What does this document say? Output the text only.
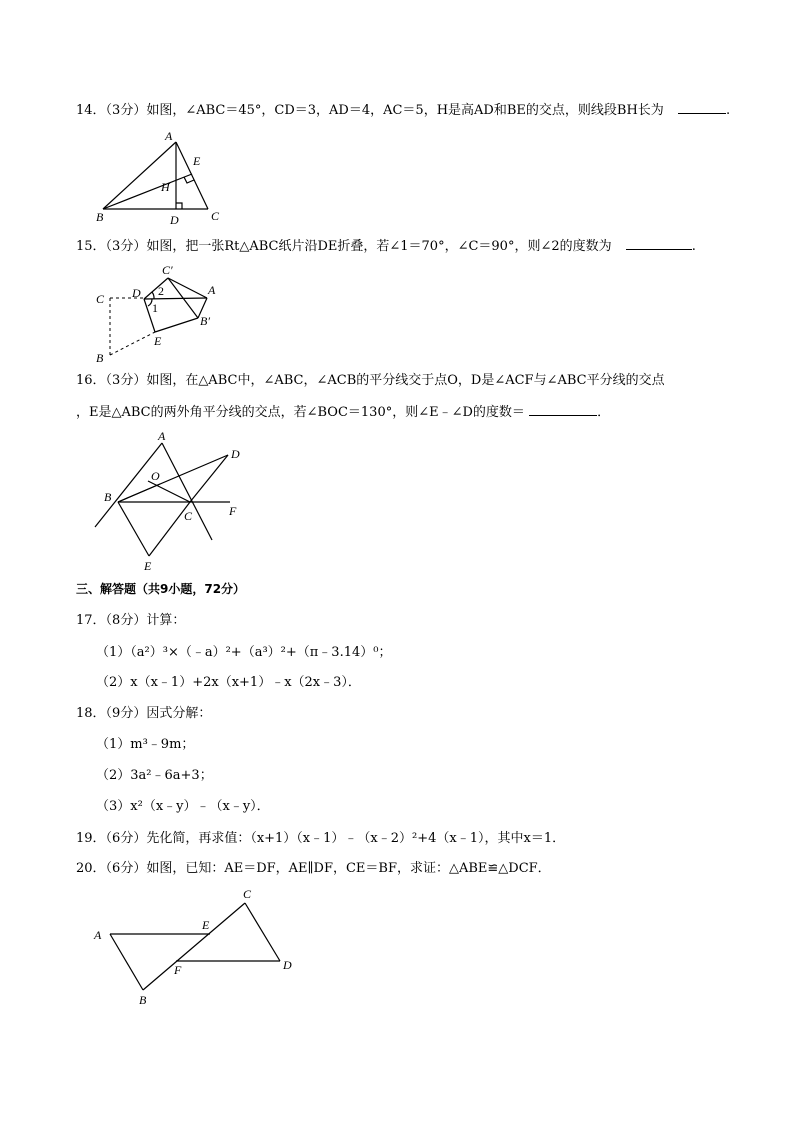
14．（3分）如图，∠ABC＝45°，CD＝3，AD＝4，AC＝5，H是高AD和BE的交点，则线段BH长为	.
A
E
H
B	D	C
15．（3分）如图，把一张Rt△ABC纸片沿DE折叠，若∠1＝70°，∠C＝90°，则∠2的度数为	.
C′
C D 2	A
1
B′
E
B
16．（3分）如图，在△ABC中，∠ABC，∠ACB的平分线交于点O，D是∠ACF与∠ABC平分线的交点
，E是△ABC的两外角平分线的交点，若∠BOC＝130°，则∠E﹣∠D的度数＝	．
A
D
O
B
C	F
E
三、解答题（共9小题，72分）
17．（8分）计算：
（1）（a²）³×（﹣a）²+（a³）²+（π﹣3.14）⁰；
（2）x（x﹣1）+2x（x+1）﹣x（2x﹣3）．
18．（9分）因式分解：
（1）m³﹣9m；
（2）3a²﹣6a+3；
（3）x²（x﹣y）﹣（x﹣y）．
19．（6分）先化简，再求值：（x+1）（x﹣1）﹣（x﹣2）²+4（x﹣1），其中x＝1．
20．（6分）如图，已知：AE＝DF，AE∥DF，CE＝BF，求证：△ABE≌△DCF．
A
E
C
F	D
B
